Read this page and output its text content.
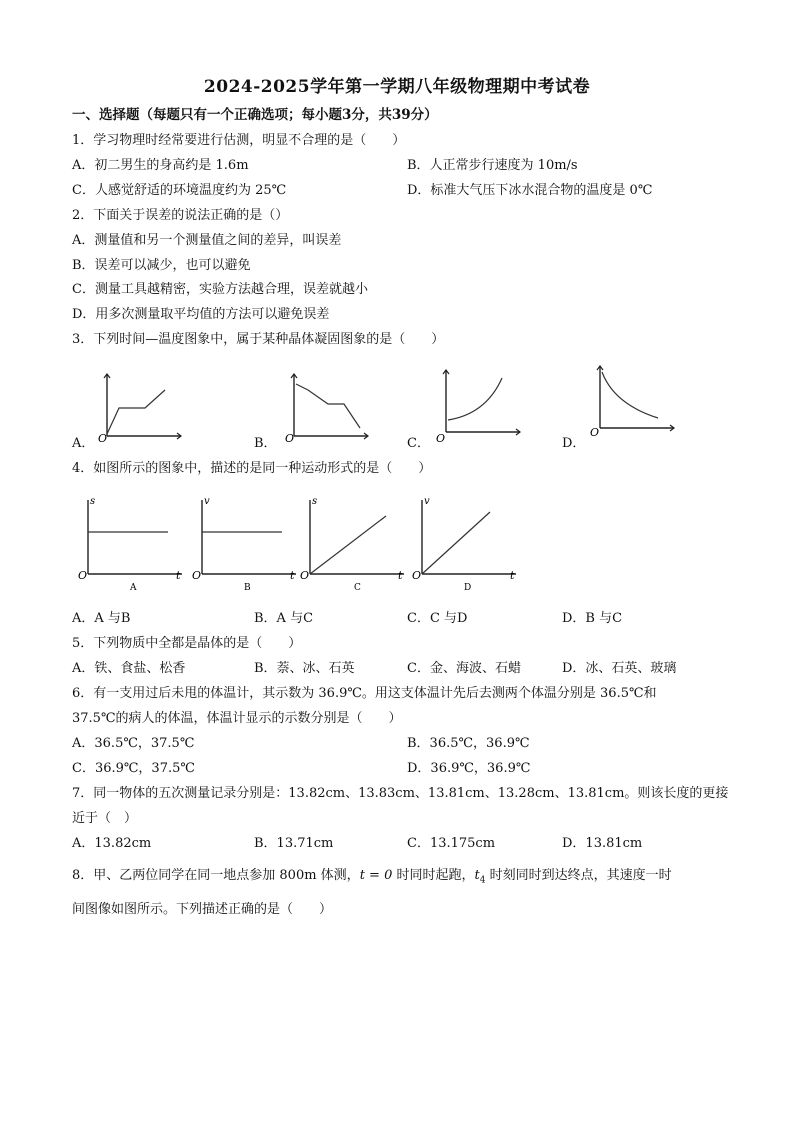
2024-2025学年第一学期八年级物理期中考试卷
一、选择题（每题只有一个正确选项；每小题3分，共39分）
1．学习物理时经常要进行估测，明显不合理的是（　　）
A．初二男生的身高约是 1.6m	B．人正常步行速度为 10m/s
C．人感觉舒适的环境温度约为 25℃	D．标准大气压下冰水混合物的温度是 0℃
2．下面关于误差的说法正确的是（）
A．测量值和另一个测量值之间的差异，叫误差
B．误差可以减少，也可以避免
C．测量工具越精密，实验方法越合理，误差就越小
D．用多次测量取平均值的方法可以避免误差
3．下列时间—温度图象中，属于某种晶体凝固图象的是（　　）
A． O	B． O	C． O	D．
O
4．如图所示的图象中，描述的是同一种运动形式的是（　　）
s
O	t
A
v
O	t
B
s
O	t
C
v
O	t
D
A．A 与B	B．A 与C	C．C 与D	D．B 与C
5．下列物质中全都是晶体的是（　　）
A．铁、食盐、松香	B．萘、冰、石英	C．金、海波、石蜡	D．冰、石英、玻璃
6．有一支用过后未甩的体温计，其示数为 36.9℃。用这支体温计先后去测两个体温分别是 36.5℃和
37.5℃的病人的体温，体温计显示的示数分别是（　　）
A．36.5℃，37.5℃	B．36.5℃，36.9℃
C．36.9℃，37.5℃	D．36.9℃，36.9℃
7．同一物体的五次测量记录分别是：13.82cm、13.83cm、13.81cm、13.28cm、13.81cm。则该长度的更接
近于（　）
A．13.82cm	B．13.71cm	C．13.175cm	D．13.81cm
8．甲、乙两位同学在同一地点参加 800m 体测，t = 0 时同时起跑，$t_4$ 时刻同时到达终点，其速度一时
间图像如图所示。下列描述正确的是（　　）
